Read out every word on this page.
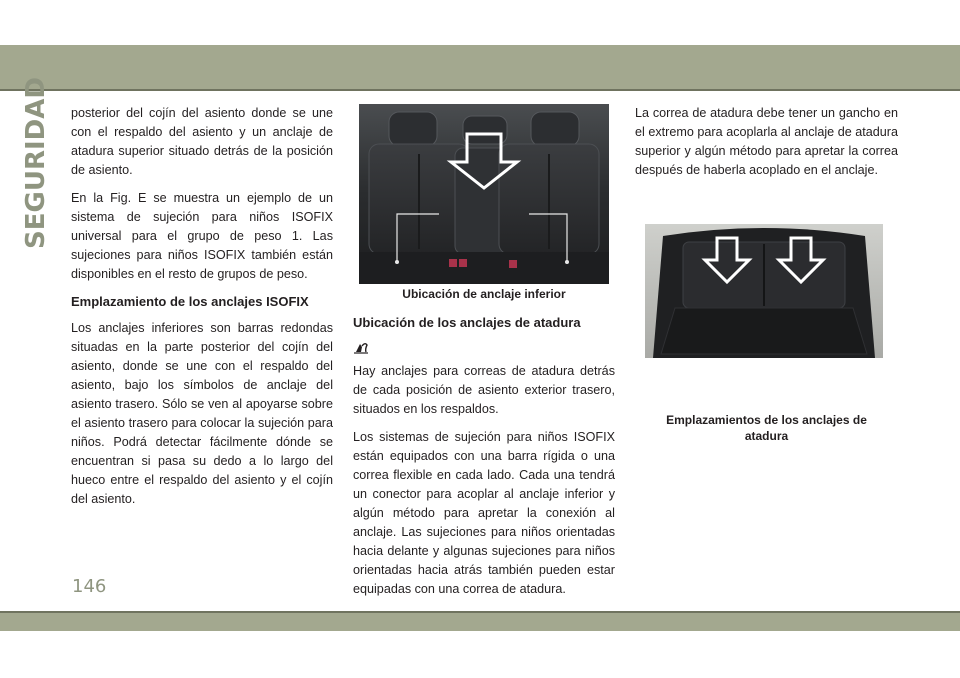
SEGURIDAD posterior del cojín del asiento donde se une con el respaldo del asiento y un anclaje de atadura superior situado detrás de la posición de asiento.

En la Fig. E se muestra un ejemplo de un sistema de sujeción para niños ISOFIX universal para el grupo de peso 1. Las sujeciones para niños ISOFIX también están disponibles en el resto de grupos de peso.

Emplazamiento de los anclajes ISOFIX

Los anclajes inferiores son barras redondas situadas en la parte posterior del cojín del asiento, donde se une con el respaldo del asiento, bajo los símbolos de anclaje del asiento trasero. Sólo se ven al apoyarse sobre el asiento trasero para colocar la sujeción para niños. Podrá detectar fácilmente dónde se encuentran si pasa su dedo a lo largo del hueco entre el respaldo del asiento y el cojín del asiento.

Ubicación de anclaje inferior

Ubicación de los anclajes de atadura

Hay anclajes para correas de atadura detrás de cada posición de asiento exterior trasero, situados en los respaldos.

Los sistemas de sujeción para niños ISOFIX están equipados con una barra rígida o una correa flexible en cada lado. Cada una tendrá un conector para acoplar al anclaje inferior y algún método para apretar la conexión al anclaje. Las sujeciones para niños orientadas hacia delante y algunas sujeciones para niños orientadas hacia atrás también pueden estar equipadas con una correa de atadura.

La correa de atadura debe tener un gancho en el extremo para acoplarla al anclaje de atadura superior y algún método para apretar la correa después de haberla acoplado en el anclaje.

Emplazamientos de los anclajes de atadura

146
